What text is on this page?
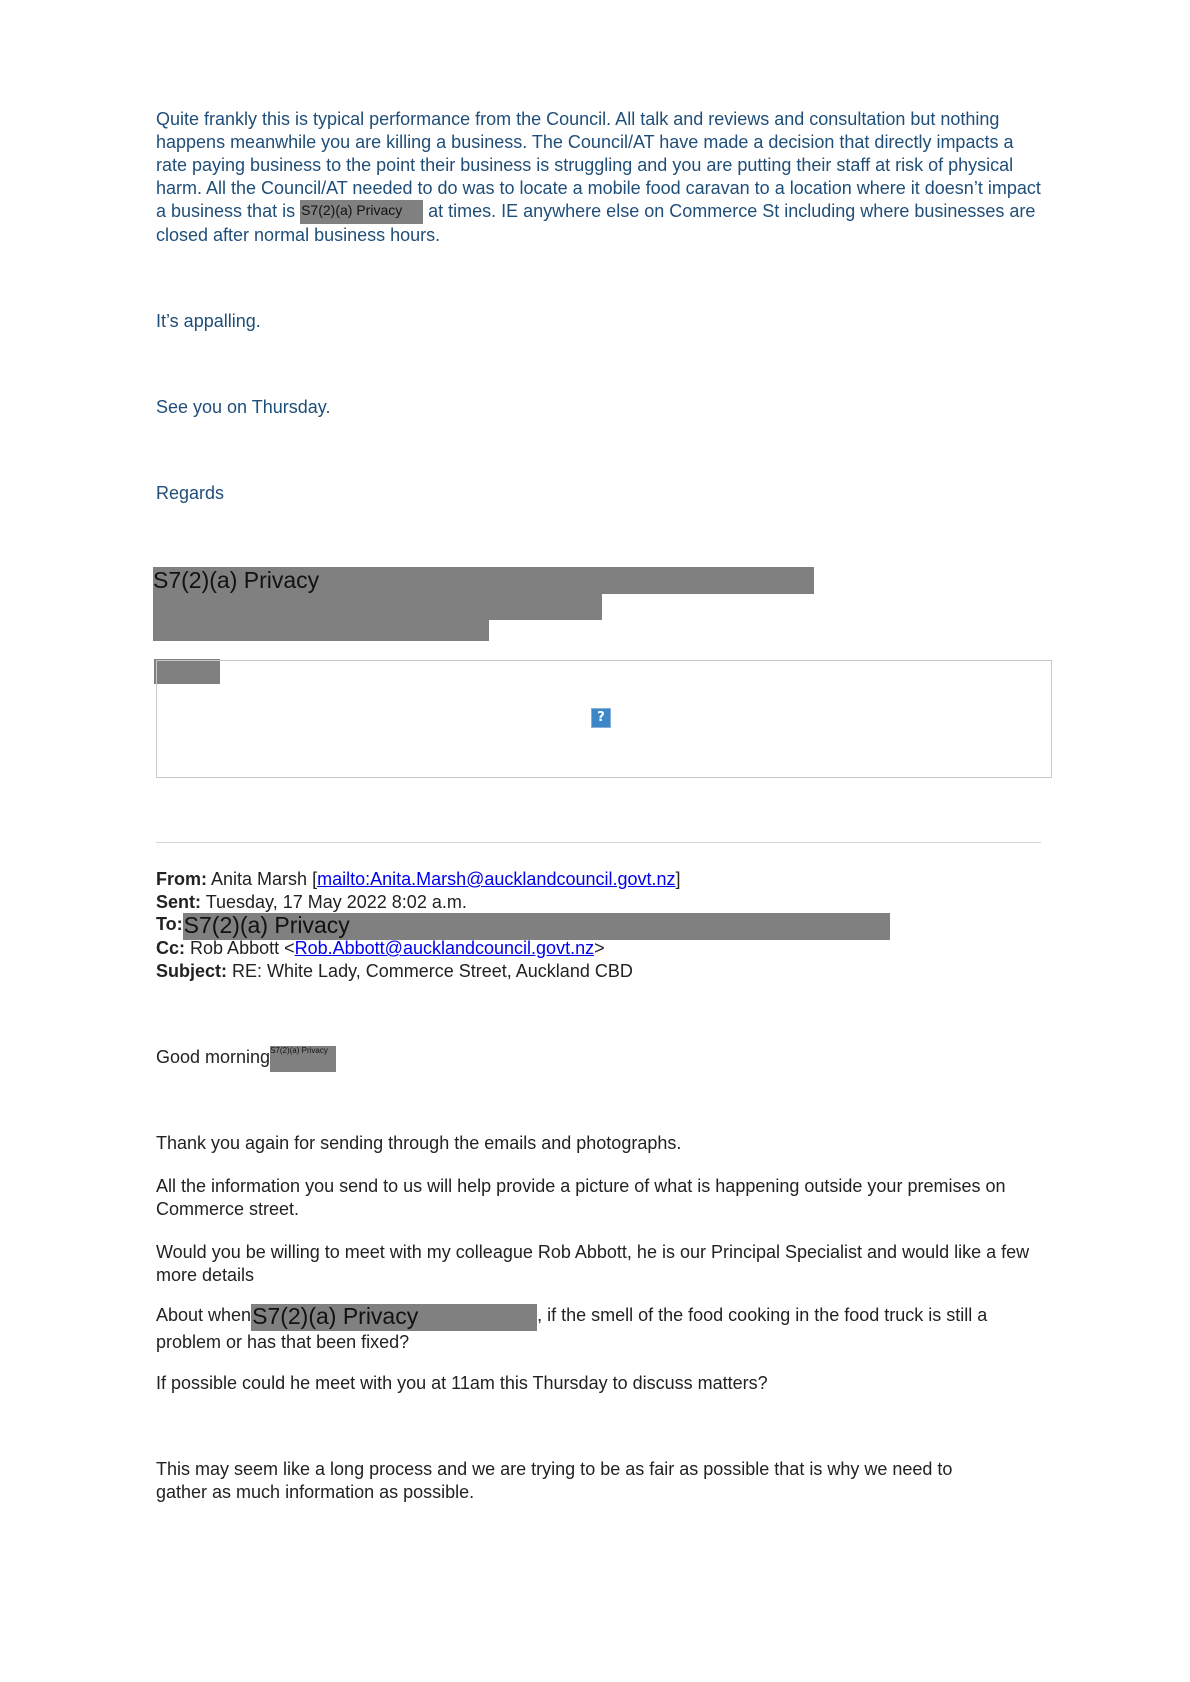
Quite frankly this is typical performance from the Council. All talk and reviews and consultation but nothing happens meanwhile you are killing a business. The Council/AT have made a decision that directly impacts a rate paying business to the point their business is struggling and you are putting their staff at risk of physical harm. All the Council/AT needed to do was to locate a mobile food caravan to a location where it doesn’t impact a business that is S7(2)(a) Privacy at times. IE anywhere else on Commerce St including where businesses are closed after normal business hours.

It’s appalling.

See you on Thursday.

Regards

S7(2)(a) Privacy
?
From: Anita Marsh [mailto:Anita.Marsh@aucklandcouncil.govt.nz]
Sent: Tuesday, 17 May 2022 8:02 a.m.
To:S7(2)(a) Privacy
Cc: Rob Abbott <Rob.Abbott@aucklandcouncil.govt.nz>
Subject: RE: White Lady, Commerce Street, Auckland CBD
Good morningS7(2)(a) Privacy

Thank you again for sending through the emails and photographs.

All the information you send to us will help provide a picture of what is happening outside your premises on Commerce street.

Would you be willing to meet with my colleague Rob Abbott, he is our Principal Specialist and would like a few more details

About whenS7(2)(a) Privacy	, if the smell of the food cooking in the food truck is still a problem or has that been fixed?

If possible could he meet with you at 11am this Thursday to discuss matters?

This may seem like a long process and we are trying to be as fair as possible that is why we need to gather as much information as possible.
